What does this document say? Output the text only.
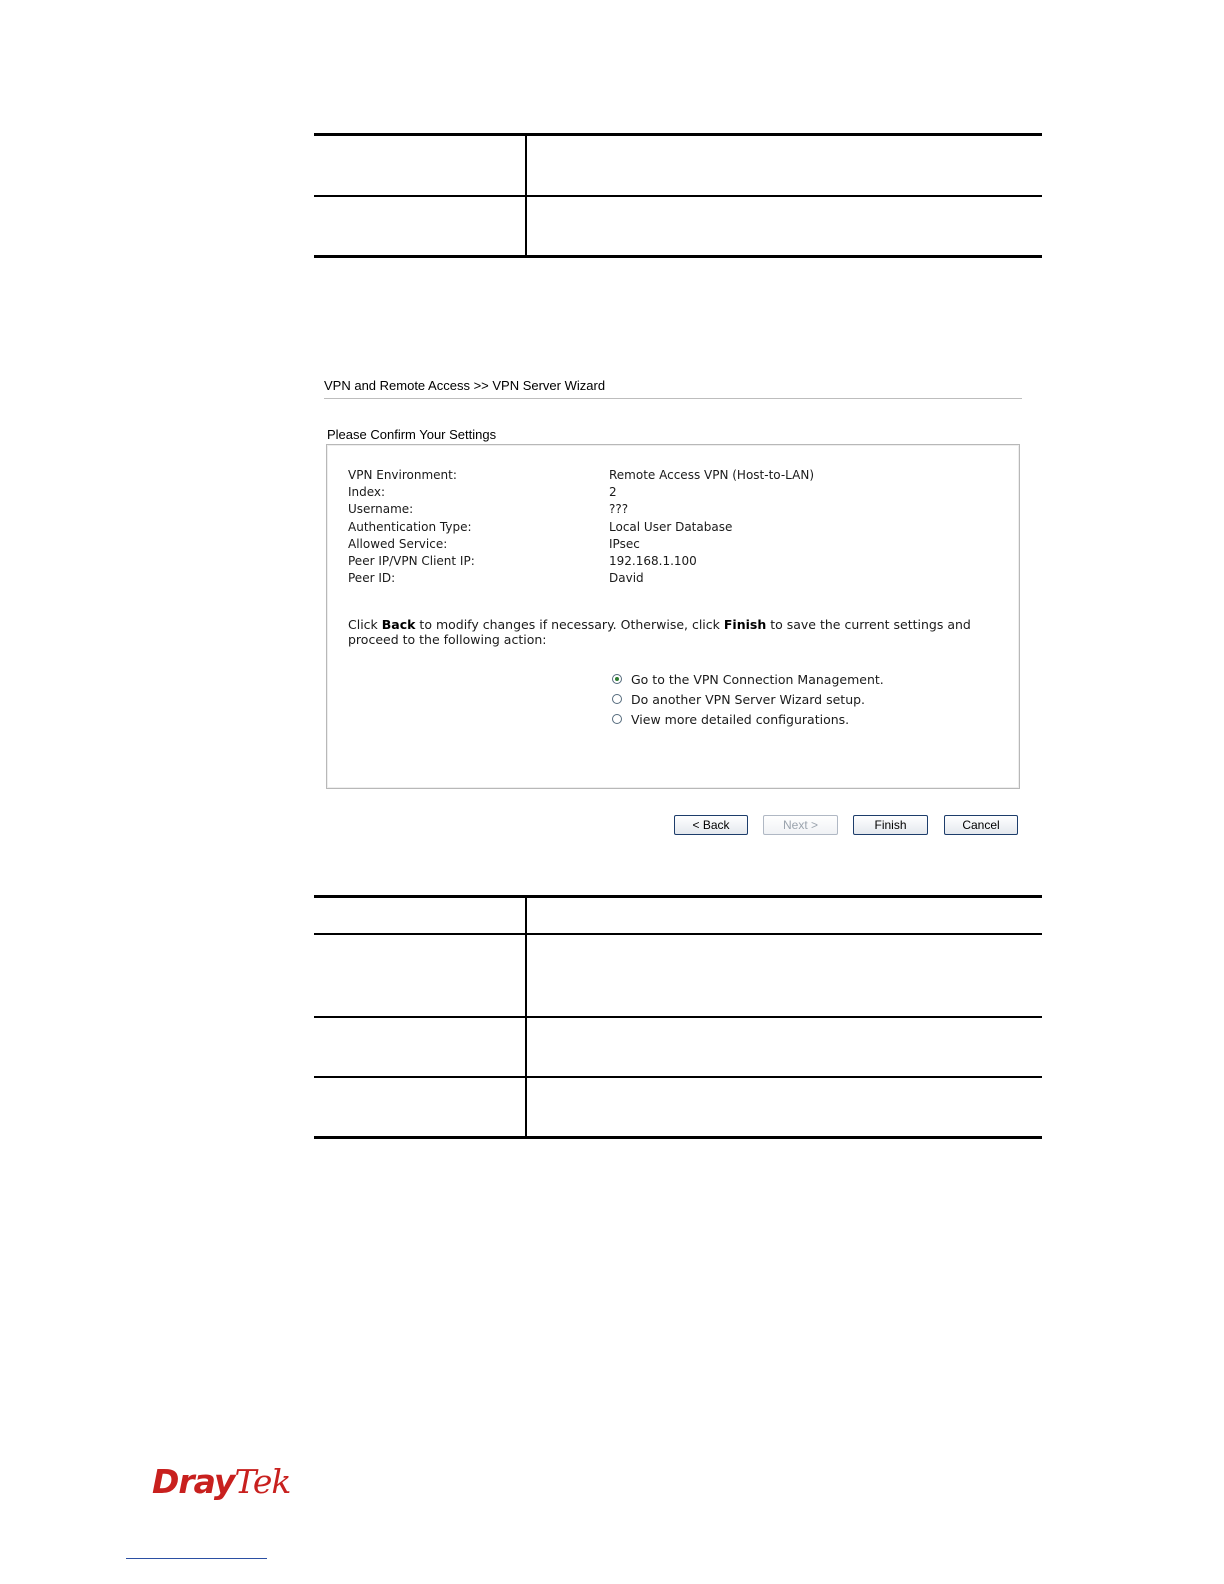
VPN and Remote Access >> VPN Server Wizard
Please Confirm Your Settings
VPN Environment:	Remote Access VPN (Host-to-LAN)
Index:	2
Username:	???
Authentication Type:	Local User Database
Allowed Service:	IPsec
Peer IP/VPN Client IP:	192.168.1.100
Peer ID:	David
Click Back to modify changes if necessary. Otherwise, click Finish to save the current settings and proceed to the following action:
Go to the VPN Connection Management.
Do another VPN Server Wizard setup.
View more detailed configurations.
< Back	Next >	Finish	Cancel

DrayTek
